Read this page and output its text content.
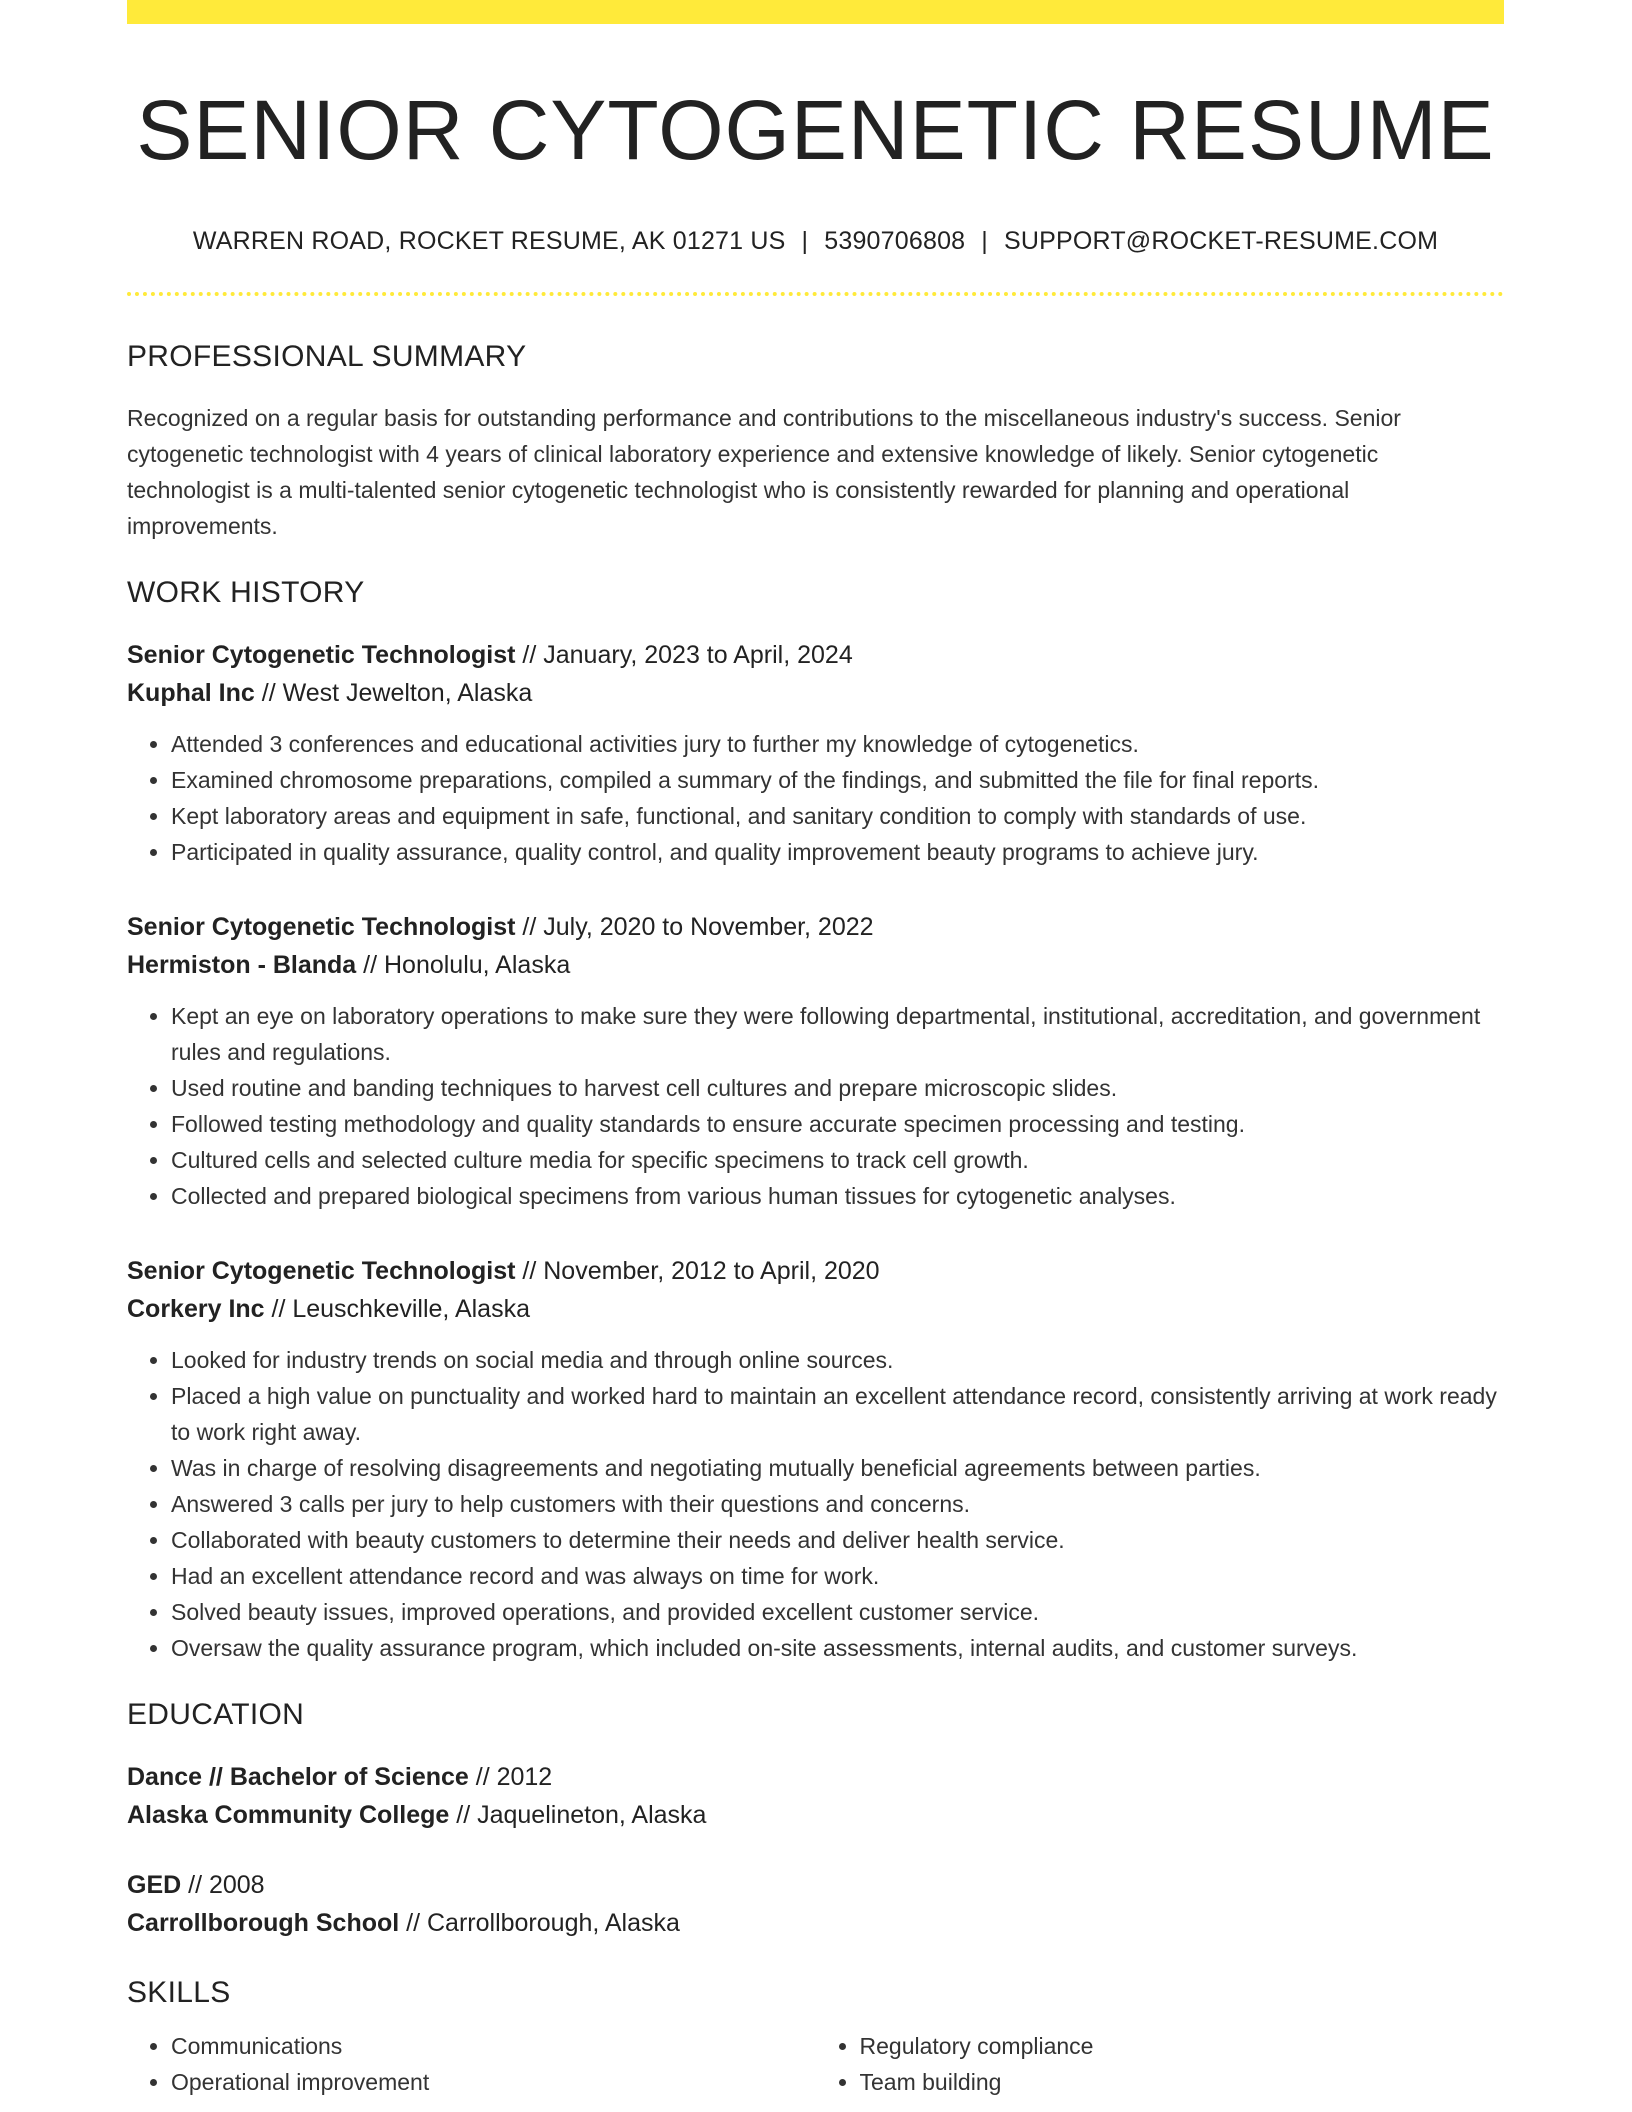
SENIOR CYTOGENETIC RESUME
WARREN ROAD, ROCKET RESUME, AK 01271 US | 5390706808 | SUPPORT@ROCKET-RESUME.COM
PROFESSIONAL SUMMARY
Recognized on a regular basis for outstanding performance and contributions to the miscellaneous industry's success. Senior cytogenetic technologist with 4 years of clinical laboratory experience and extensive knowledge of likely. Senior cytogenetic technologist is a multi-talented senior cytogenetic technologist who is consistently rewarded for planning and operational improvements.
WORK HISTORY
Senior Cytogenetic Technologist // January, 2023 to April, 2024
Kuphal Inc // West Jewelton, Alaska
• Attended 3 conferences and educational activities jury to further my knowledge of cytogenetics.
• Examined chromosome preparations, compiled a summary of the findings, and submitted the file for final reports.
• Kept laboratory areas and equipment in safe, functional, and sanitary condition to comply with standards of use.
• Participated in quality assurance, quality control, and quality improvement beauty programs to achieve jury.
Senior Cytogenetic Technologist // July, 2020 to November, 2022
Hermiston - Blanda // Honolulu, Alaska
• Kept an eye on laboratory operations to make sure they were following departmental, institutional, accreditation, and government rules and regulations.
• Used routine and banding techniques to harvest cell cultures and prepare microscopic slides.
• Followed testing methodology and quality standards to ensure accurate specimen processing and testing.
• Cultured cells and selected culture media for specific specimens to track cell growth.
• Collected and prepared biological specimens from various human tissues for cytogenetic analyses.
Senior Cytogenetic Technologist // November, 2012 to April, 2020
Corkery Inc // Leuschkeville, Alaska
• Looked for industry trends on social media and through online sources.
• Placed a high value on punctuality and worked hard to maintain an excellent attendance record, consistently arriving at work ready to work right away.
• Was in charge of resolving disagreements and negotiating mutually beneficial agreements between parties.
• Answered 3 calls per jury to help customers with their questions and concerns.
• Collaborated with beauty customers to determine their needs and deliver health service.
• Had an excellent attendance record and was always on time for work.
• Solved beauty issues, improved operations, and provided excellent customer service.
• Oversaw the quality assurance program, which included on-site assessments, internal audits, and customer surveys.
EDUCATION
Dance // Bachelor of Science // 2012
Alaska Community College // Jaquelineton, Alaska
GED // 2008
Carrollborough School // Carrollborough, Alaska
SKILLS
• Communications
• Operational improvement
• Regulatory compliance
• Team building
